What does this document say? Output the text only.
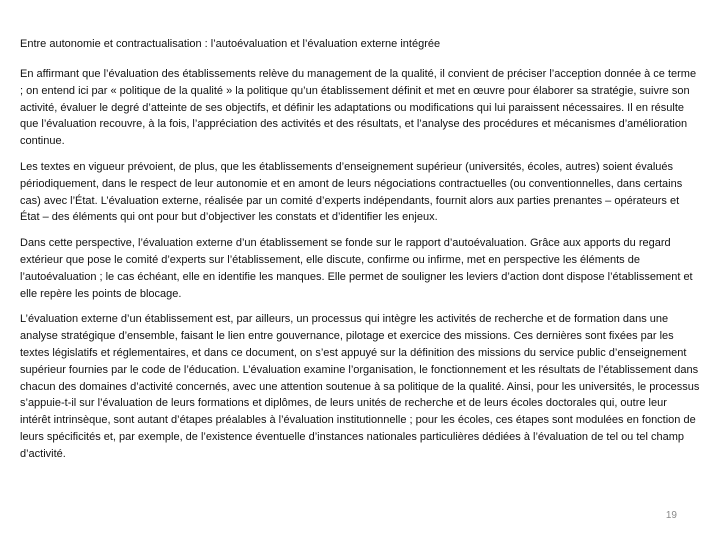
Entre autonomie et contractualisation : l’autoévaluation et l’évaluation externe intégrée

En affirmant que l’évaluation des établissements relève du management de la qualité, il convient de préciser l’acception donnée à ce terme ; on entend ici par « politique de la qualité » la politique qu’un établissement définit et met en œuvre pour élaborer sa stratégie, suivre son activité, évaluer le degré d’atteinte de ses objectifs, et définir les adaptations ou modifications qui lui paraissent nécessaires. Il en résulte que l’évaluation recouvre, à la fois, l’appréciation des activités et des résultats, et l’analyse des procédures et mécanismes d’amélioration continue.

Les textes en vigueur prévoient, de plus, que les établissements d’enseignement supérieur (universités, écoles, autres) soient évalués périodiquement, dans le respect de leur autonomie et en amont de leurs négociations contractuelles (ou conventionnelles, dans certains cas) avec l’État. L’évaluation externe, réalisée par un comité d’experts indépendants, fournit alors aux parties prenantes – opérateurs et État – des éléments qui ont pour but d’objectiver les constats et d’identifier les enjeux.

Dans cette perspective, l’évaluation externe d’un établissement se fonde sur le rapport d’autoévaluation. Grâce aux apports du regard extérieur que pose le comité d’experts sur l’établissement, elle discute, confirme ou infirme, met en perspective les éléments de l’autoévaluation ; le cas échéant, elle en identifie les manques. Elle permet de souligner les leviers d’action dont dispose l’établissement et elle repère les points de blocage.

L’évaluation externe d’un établissement est, par ailleurs, un processus qui intègre les activités de recherche et de formation dans une analyse stratégique d’ensemble, faisant le lien entre gouvernance, pilotage et exercice des missions. Ces dernières sont fixées par les textes législatifs et réglementaires, et dans ce document, on s’est appuyé sur la définition des missions du service public d’enseignement supérieur fournies par le code de l’éducation. L’évaluation examine l’organisation, le fonctionnement et les résultats de l’établissement dans chacun des domaines d’activité concernés, avec une attention soutenue à sa politique de la qualité. Ainsi, pour les universités, le processus s’appuie-t-il sur l’évaluation de leurs formations et diplômes, de leurs unités de recherche et de leurs écoles doctorales qui, outre leur intérêt intrinsèque, sont autant d’étapes préalables à l’évaluation institutionnelle ; pour les écoles, ces étapes sont modulées en fonction de leurs spécificités et, par exemple, de l’existence éventuelle d’instances nationales particulières dédiées à l’évaluation de tel ou tel champ d’activité.

19
